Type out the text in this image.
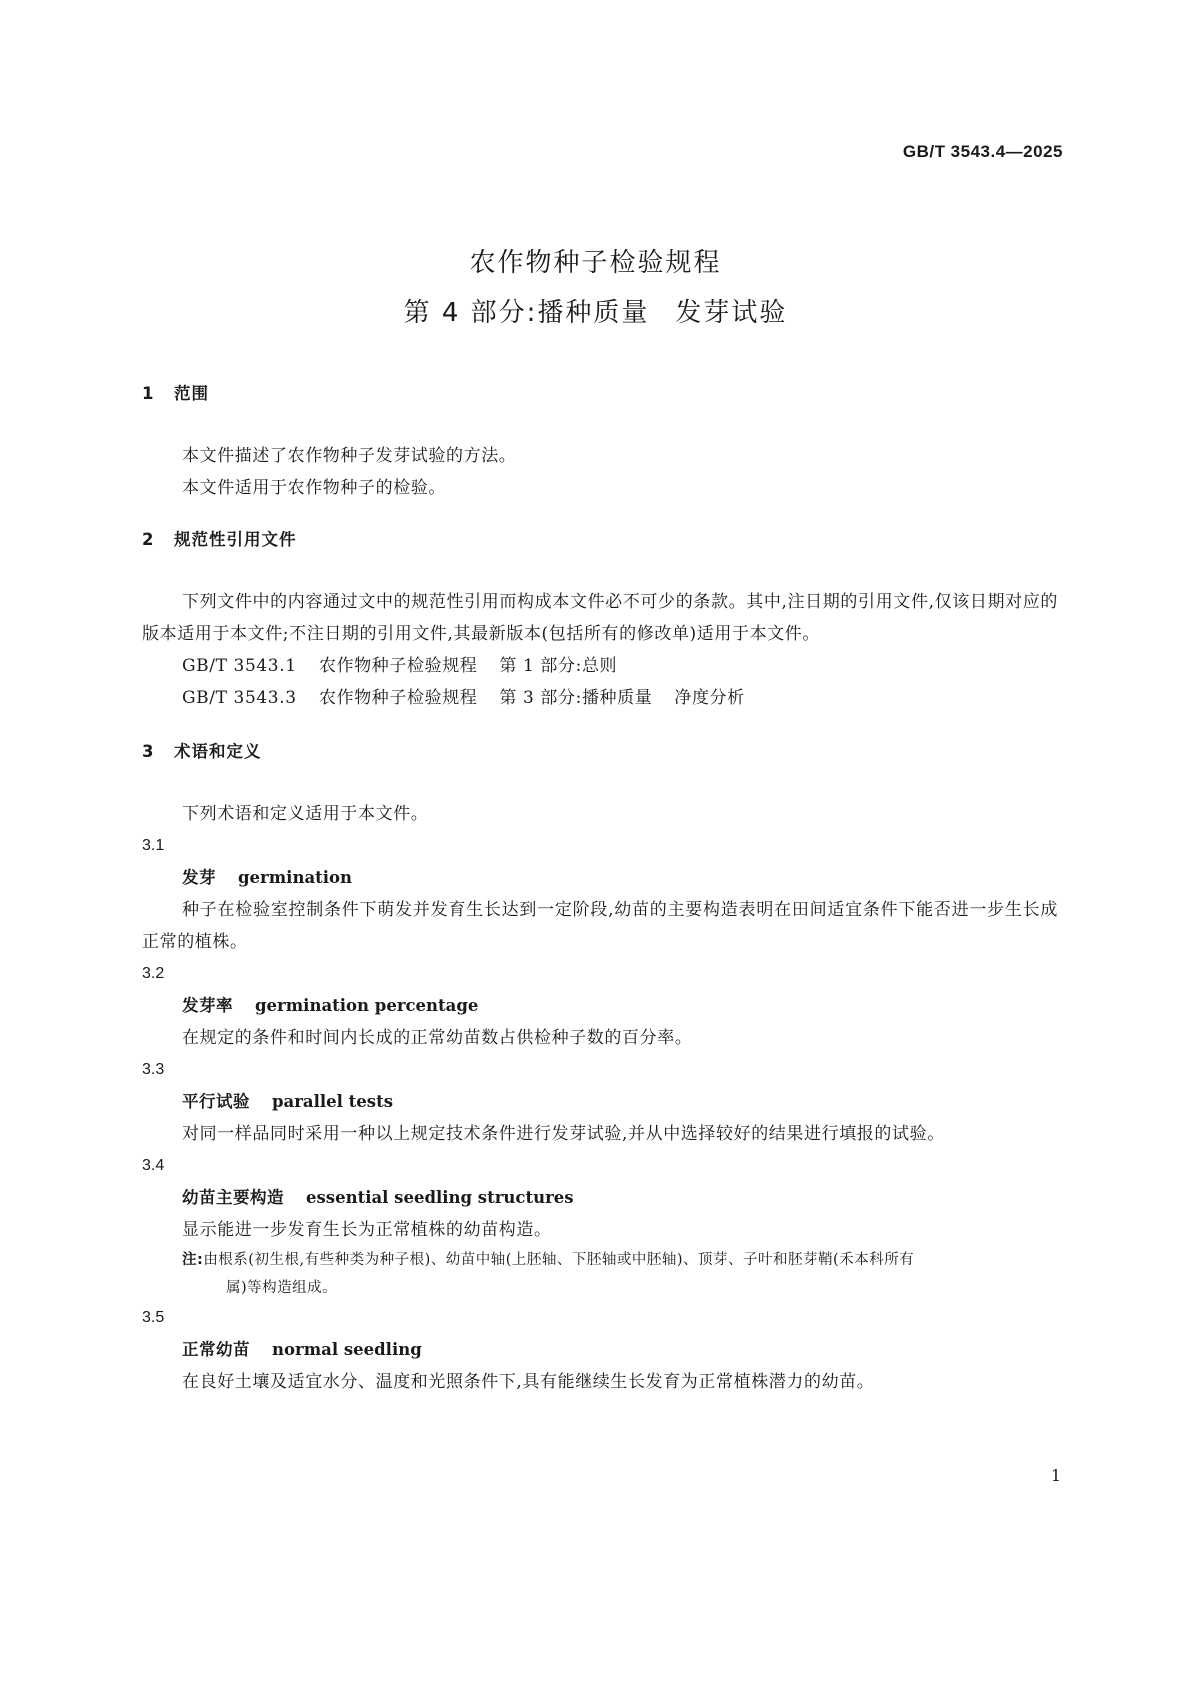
GB/T 3543.4—2025
农作物种子检验规程
第 4 部分:播种质量 发芽试验
1 范围
本文件描述了农作物种子发芽试验的方法。
本文件适用于农作物种子的检验。
2 规范性引用文件
下列文件中的内容通过文中的规范性引用而构成本文件必不可少的条款。其中,注日期的引用文件,仅该日期对应的版本适用于本文件;不注日期的引用文件,其最新版本(包括所有的修改单)适用于本文件。
GB/T 3543.1 农作物种子检验规程 第 1 部分:总则
GB/T 3543.3 农作物种子检验规程 第 3 部分:播种质量 净度分析
3 术语和定义
下列术语和定义适用于本文件。
3.1
发芽 germination
种子在检验室控制条件下萌发并发育生长达到一定阶段,幼苗的主要构造表明在田间适宜条件下能否进一步生长成正常的植株。
3.2
发芽率 germination percentage
在规定的条件和时间内长成的正常幼苗数占供检种子数的百分率。
3.3
平行试验 parallel tests
对同一样品同时采用一种以上规定技术条件进行发芽试验,并从中选择较好的结果进行填报的试验。
3.4
幼苗主要构造 essential seedling structures
显示能进一步发育生长为正常植株的幼苗构造。
注:由根系(初生根,有些种类为种子根)、幼苗中轴(上胚轴、下胚轴或中胚轴)、顶芽、子叶和胚芽鞘(禾本科所有
属)等构造组成。
3.5
正常幼苗 normal seedling
在良好土壤及适宜水分、温度和光照条件下,具有能继续生长发育为正常植株潜力的幼苗。
1
